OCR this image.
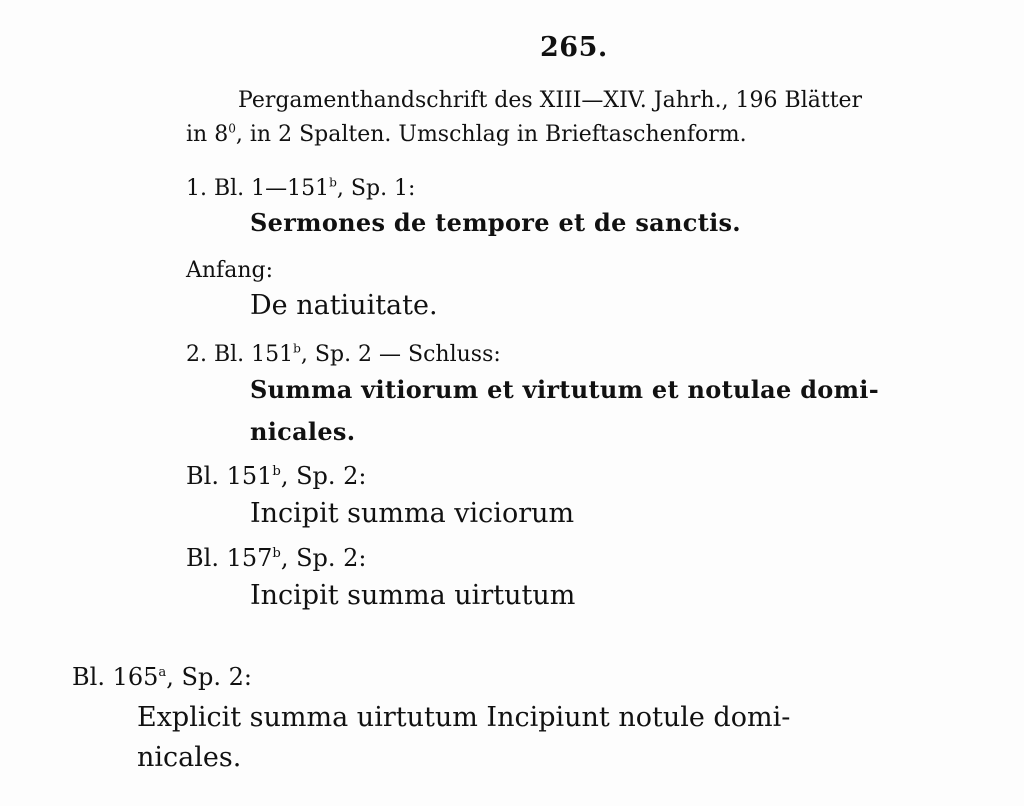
265.
Pergamenthandschrift des XIII—XIV. Jahrh., 196 Blätter
in $8^0$, in 2 Spalten. Umschlag in Brieftaschenform.
1. Bl. 1—151$^b$, Sp. 1:
Sermones de tempore et de sanctis.
Anfang:
De natiuitate.
2. Bl. 151$^b$, Sp. 2 — Schluss:
Summa vitiorum et virtutum et notulae domi-
nicales.
Bl. 151$^b$, Sp. 2:
Incipit summa viciorum
Bl. 157$^b$, Sp. 2:
Incipit summa uirtutum
Bl. 165$^a$, Sp. 2:
Explicit summa uirtutum Incipiunt notule domi-
nicales.
